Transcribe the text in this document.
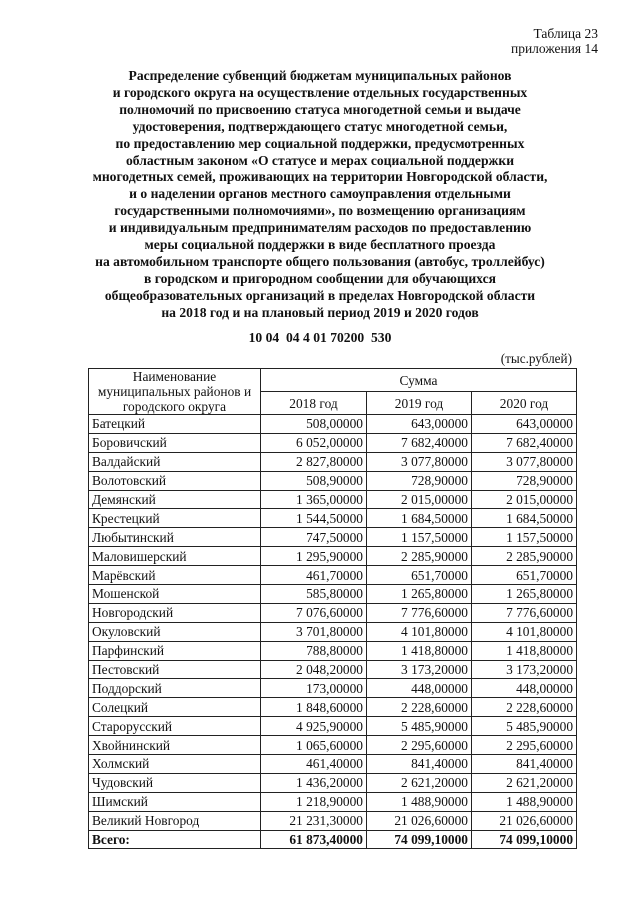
Таблица 23
приложения 14
Распределение субвенций бюджетам муниципальных районов
и городского округа на осуществление отдельных государственных
полномочий по присвоению статуса многодетной семьи и выдаче
удостоверения, подтверждающего статус многодетной семьи,
по предоставлению мер социальной поддержки, предусмотренных
областным законом «О статусе и мерах социальной поддержки
многодетных семей, проживающих на территории Новгородской области,
и о наделении органов местного самоуправления отдельными
государственными полномочиями», по возмещению организациям
и индивидуальным предпринимателям расходов по предоставлению
меры социальной поддержки в виде бесплатного проезда
на автомобильном транспорте общего пользования (автобус, троллейбус)
в городском и пригородном сообщении для обучающихся
общеобразовательных организаций в пределах Новгородской области
на 2018 год и на плановый период 2019 и 2020 годов
10 04  04 4 01 70200  530
(тыс.рублей)
Наименование муниципальных районов и городского округа	Сумма		
	2018 год	2019 год	2020 год
Батецкий	508,00000	643,00000	643,00000
Боровичский	6 052,00000	7 682,40000	7 682,40000
Валдайский	2 827,80000	3 077,80000	3 077,80000
Волотовский	508,90000	728,90000	728,90000
Демянский	1 365,00000	2 015,00000	2 015,00000
Крестецкий	1 544,50000	1 684,50000	1 684,50000
Любытинский	747,50000	1 157,50000	1 157,50000
Маловишерский	1 295,90000	2 285,90000	2 285,90000
Марёвский	461,70000	651,70000	651,70000
Мошенской	585,80000	1 265,80000	1 265,80000
Новгородский	7 076,60000	7 776,60000	7 776,60000
Окуловский	3 701,80000	4 101,80000	4 101,80000
Парфинский	788,80000	1 418,80000	1 418,80000
Пестовский	2 048,20000	3 173,20000	3 173,20000
Поддорский	173,00000	448,00000	448,00000
Солецкий	1 848,60000	2 228,60000	2 228,60000
Старорусский	4 925,90000	5 485,90000	5 485,90000
Хвойнинский	1 065,60000	2 295,60000	2 295,60000
Холмский	461,40000	841,40000	841,40000
Чудовский	1 436,20000	2 621,20000	2 621,20000
Шимский	1 218,90000	1 488,90000	1 488,90000
Великий Новгород	21 231,30000	21 026,60000	21 026,60000
Всего:	61 873,40000	74 099,10000	74 099,10000
